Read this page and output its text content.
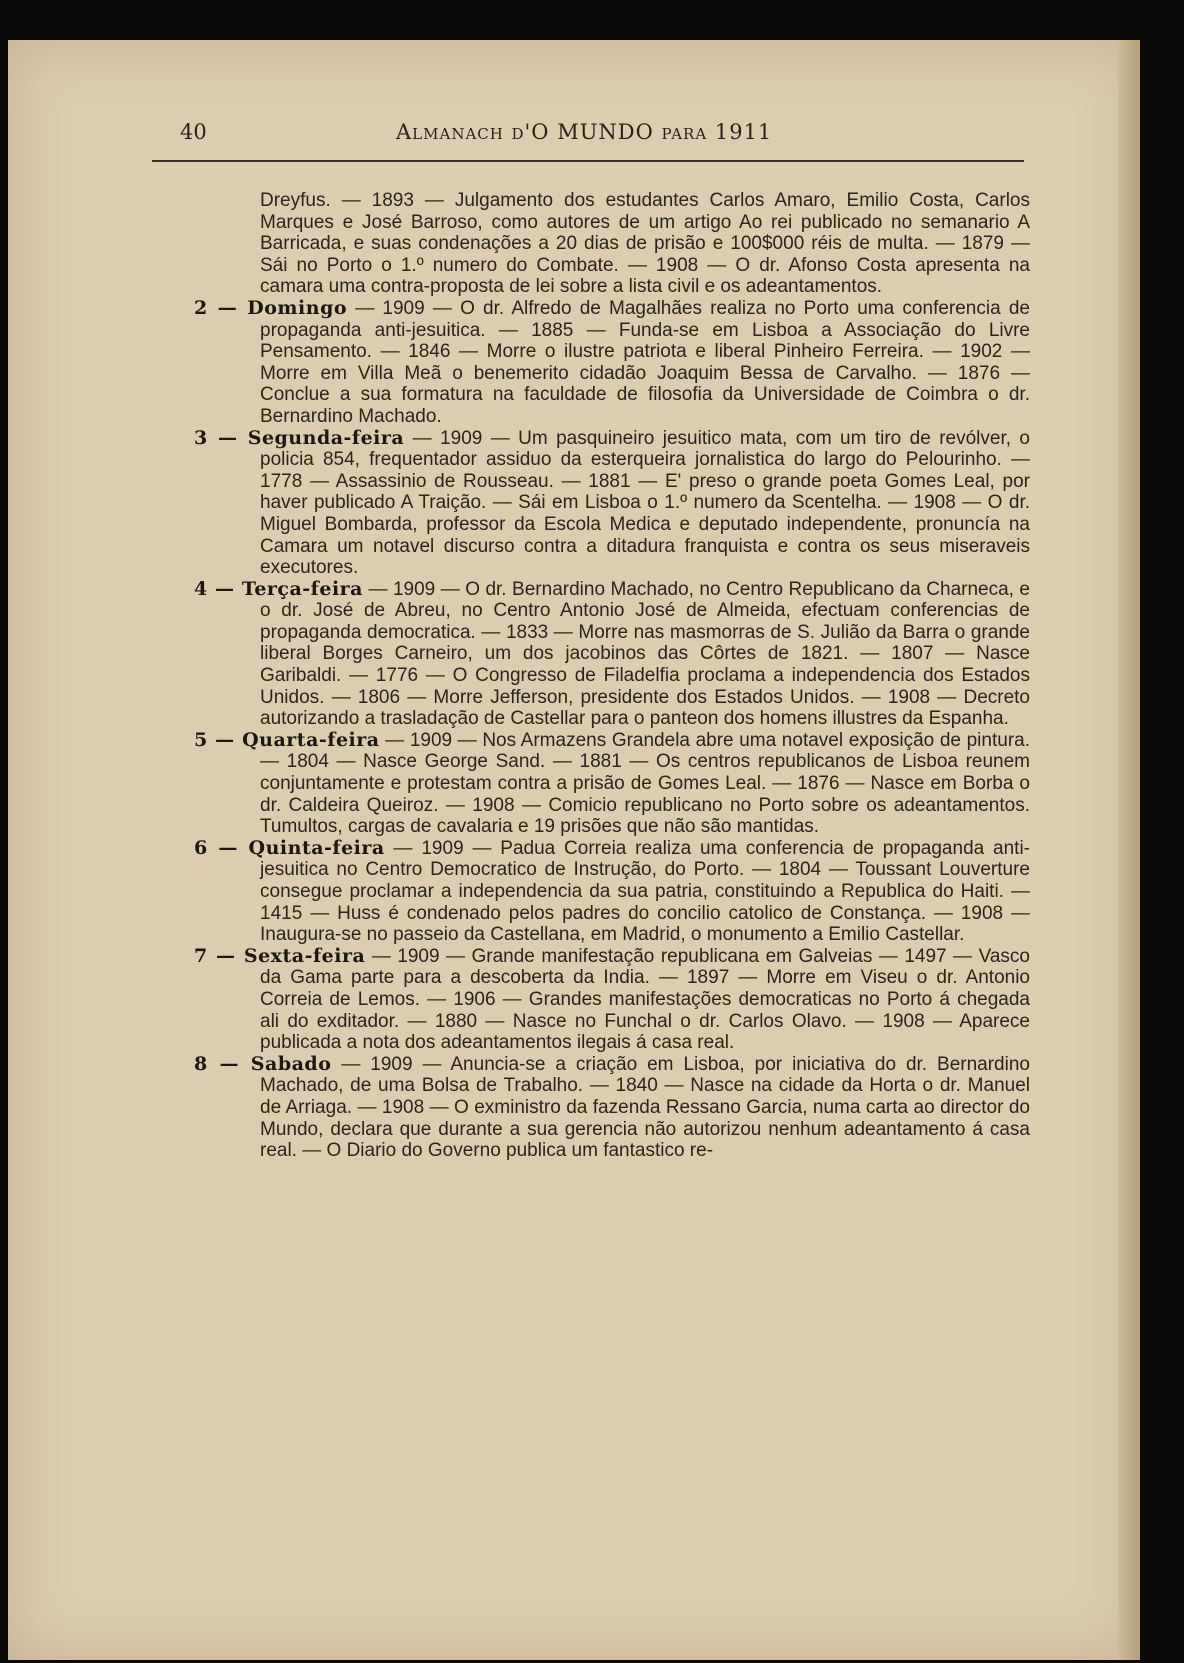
40	Almanach d'O MUNDO para 1911

Dreyfus. — 1893 — Julgamento dos estudantes Carlos Amaro, Emilio Costa, Carlos Marques e José Barroso, como autores de um artigo Ao rei publicado no semanario A Barricada, e suas condenações a 20 dias de prisão e 100$000 réis de multa. — 1879 — Sái no Porto o 1.º numero do Combate. — 1908 — O dr. Afonso Costa apresenta na camara uma contra-proposta de lei sobre a lista civil e os adeantamentos.

2 — Domingo — 1909 — O dr. Alfredo de Magalhães realiza no Porto uma conferencia de propaganda anti-jesuitica. — 1885 — Funda-se em Lisboa a Associação do Livre Pensamento. — 1846 — Morre o ilustre patriota e liberal Pinheiro Ferreira. — 1902 — Morre em Villa Meã o benemerito cidadão Joaquim Bessa de Carvalho. — 1876 — Conclue a sua formatura na faculdade de filosofia da Universidade de Coimbra o dr. Bernardino Machado.

3 — Segunda-feira — 1909 — Um pasquineiro jesuitico mata, com um tiro de revólver, o policia 854, frequentador assiduo da esterqueira jornalistica do largo do Pelourinho. — 1778 — Assassinio de Rousseau. — 1881 — E' preso o grande poeta Gomes Leal, por haver publicado A Traição. — Sái em Lisboa o 1.º numero da Scentelha. — 1908 — O dr. Miguel Bombarda, professor da Escola Medica e deputado independente, pronuncía na Camara um notavel discurso contra a ditadura franquista e contra os seus miseraveis executores.

4 — Terça-feira — 1909 — O dr. Bernardino Machado, no Centro Republicano da Charneca, e o dr. José de Abreu, no Centro Antonio José de Almeida, efectuam conferencias de propaganda democratica. — 1833 — Morre nas masmorras de S. Julião da Barra o grande liberal Borges Carneiro, um dos jacobinos das Côrtes de 1821. — 1807 — Nasce Garibaldi. — 1776 — O Congresso de Filadelfia proclama a independencia dos Estados Unidos. — 1806 — Morre Jefferson, presidente dos Estados Unidos. — 1908 — Decreto autorizando a trasladação de Castellar para o panteon dos homens illustres da Espanha.

5 — Quarta-feira — 1909 — Nos Armazens Grandela abre uma notavel exposição de pintura. — 1804 — Nasce George Sand. — 1881 — Os centros republicanos de Lisboa reunem conjuntamente e protestam contra a prisão de Gomes Leal. — 1876 — Nasce em Borba o dr. Caldeira Queiroz. — 1908 — Comicio republicano no Porto sobre os adeantamentos. Tumultos, cargas de cavalaria e 19 prisões que não são mantidas.

6 — Quinta-feira — 1909 — Padua Correia realiza uma conferencia de propaganda anti-jesuitica no Centro Democratico de Instrução, do Porto. — 1804 — Toussant Louverture consegue proclamar a independencia da sua patria, constituindo a Republica do Haiti. — 1415 — Huss é condenado pelos padres do concilio catolico de Constança. — 1908 — Inaugura-se no passeio da Castellana, em Madrid, o monumento a Emilio Castellar.

7 — Sexta-feira — 1909 — Grande manifestação republicana em Galveias — 1497 — Vasco da Gama parte para a descoberta da India. — 1897 — Morre em Viseu o dr. Antonio Correia de Lemos. — 1906 — Grandes manifestações democraticas no Porto á chegada ali do exditador. — 1880 — Nasce no Funchal o dr. Carlos Olavo. — 1908 — Aparece publicada a nota dos adeantamentos ilegais á casa real.

8 — Sabado — 1909 — Anuncia-se a criação em Lisboa, por iniciativa do dr. Bernardino Machado, de uma Bolsa de Trabalho. — 1840 — Nasce na cidade da Horta o dr. Manuel de Arriaga. — 1908 — O exministro da fazenda Ressano Garcia, numa carta ao director do Mundo, declara que durante a sua gerencia não autorizou nenhum adeantamento á casa real. — O Diario do Governo publica um fantastico re-
